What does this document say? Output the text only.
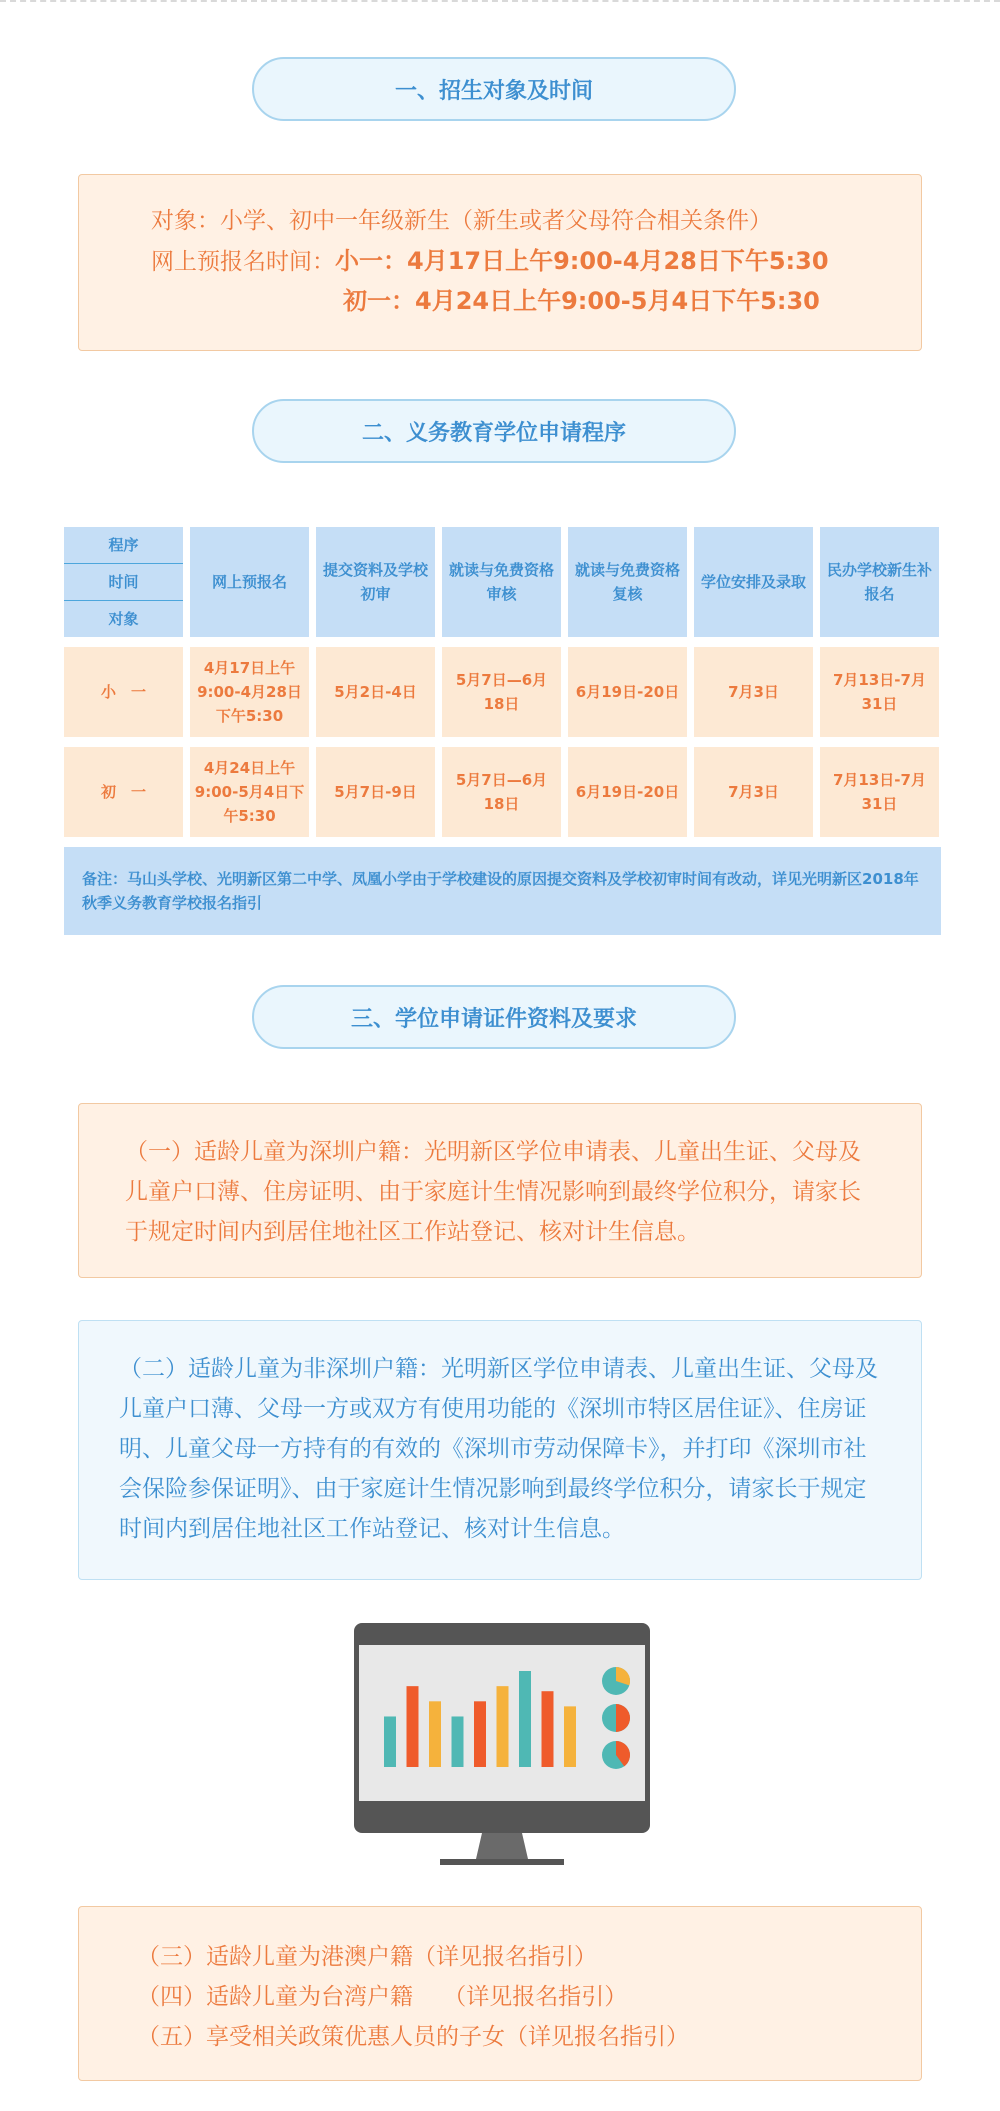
一、招生对象及时间
对象：小学、初中一年级新生（新生或者父母符合相关条件）
网上预报名时间：小一：4月17日上午9:00-4月28日下午5:30
初一：4月24日上午9:00-5月4日下午5:30
二、义务教育学位申请程序
程序
时间
对象
网上预报名
提交资料及学校初审
就读与免费资格审核
就读与免费资格复核
学位安排及录取
民办学校新生补报名
小　一
4月17日上午9:00-4月28日下午5:30
5月2日-4日
5月7日—6月18日
6月19日-20日	7月3日
7月13日-7月31日
初　一
4月24日上午9:00-5月4日下午5:30
5月7日-9日
5月7日—6月18日
6月19日-20日	7月3日
7月13日-7月31日
备注：马山头学校、光明新区第二中学、凤凰小学由于学校建设的原因提交资料及学校初审时间有改动，详见光明新区2018年秋季义务教育学校报名指引
三、学位申请证件资料及要求
（一）适龄儿童为深圳户籍：光明新区学位申请表、儿童出生证、父母及儿童户口薄、住房证明、由于家庭计生情况影响到最终学位积分，请家长于规定时间内到居住地社区工作站登记、核对计生信息。
（二）适龄儿童为非深圳户籍：光明新区学位申请表、儿童出生证、父母及儿童户口薄、父母一方或双方有使用功能的《深圳市特区居住证》、住房证明、儿童父母一方持有的有效的《深圳市劳动保障卡》，并打印《深圳市社会保险参保证明》、由于家庭计生情况影响到最终学位积分，请家长于规定时间内到居住地社区工作站登记、核对计生信息。
（三）适龄儿童为港澳户籍（详见报名指引）
（四）适龄儿童为台湾户籍　 （详见报名指引）
（五）享受相关政策优惠人员的子女（详见报名指引）
